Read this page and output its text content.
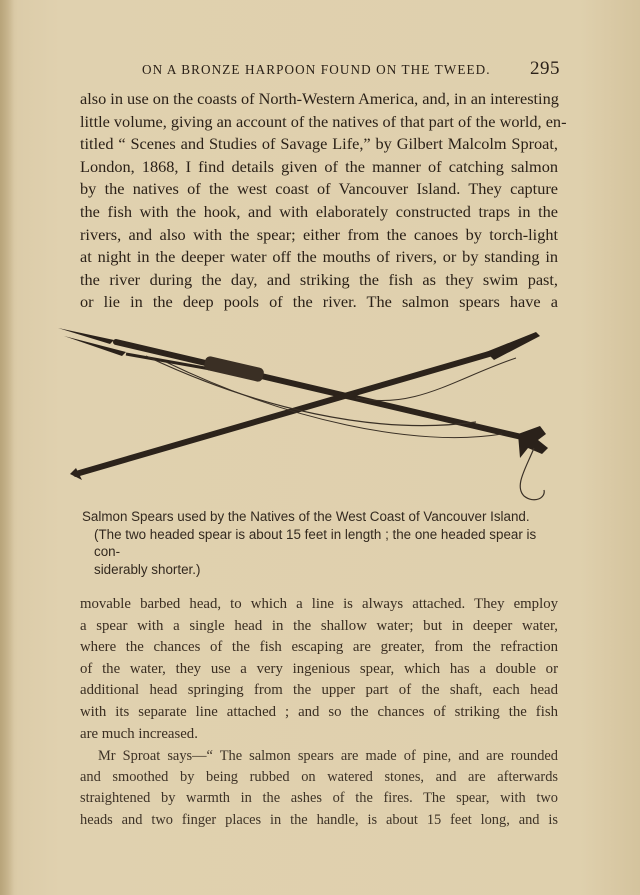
ON A BRONZE HARPOON FOUND ON THE TWEED. 295
also in use on the coasts of North-Western America, and, in an interesting
little volume, giving an account of the natives of that part of the world, en-
titled “ Scenes and Studies of Savage Life,” by Gilbert Malcolm Sproat,
London, 1868, I find details given of the manner of catching salmon
by the natives of the west coast of Vancouver Island. They capture
the fish with the hook, and with elaborately constructed traps in the
rivers, and also with the spear; either from the canoes by torch-light
at night in the deeper water off the mouths of rivers, or by standing in
the river during the day, and striking the fish as they swim past,
or lie in the deep pools of the river. The salmon spears have a
Salmon Spears used by the Natives of the West Coast of Vancouver Island.
(The two headed spear is about 15 feet in length ; the one headed spear is con-
siderably shorter.)
movable barbed head, to which a line is always attached. They employ
a spear with a single head in the shallow water; but in deeper water,
where the chances of the fish escaping are greater, from the refraction
of the water, they use a very ingenious spear, which has a double or
additional head springing from the upper part of the shaft, each head
with its separate line attached ; and so the chances of striking the fish
are much increased.
Mr Sproat says—“ The salmon spears are made of pine, and are rounded
and smoothed by being rubbed on watered stones, and are afterwards
straightened by warmth in the ashes of the fires. The spear, with two
heads and two finger places in the handle, is about 15 feet long, and is
